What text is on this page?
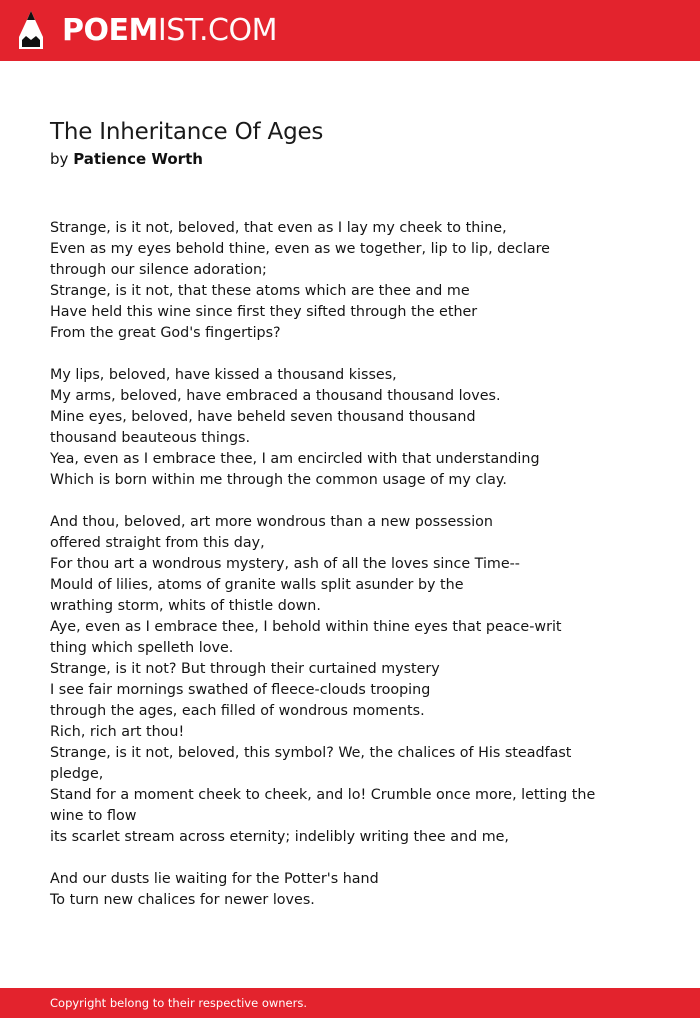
POEMIST.COM
The Inheritance Of Ages
by Patience Worth
Strange, is it not, beloved, that even as I lay my cheek to thine,
Even as my eyes behold thine, even as we together, lip to lip, declare
through our silence adoration;
Strange, is it not, that these atoms which are thee and me
Have held this wine since first they sifted through the ether
From the great God's fingertips?
My lips, beloved, have kissed a thousand kisses,
My arms, beloved, have embraced a thousand thousand loves.
Mine eyes, beloved, have beheld seven thousand thousand
thousand beauteous things.
Yea, even as I embrace thee, I am encircled with that understanding
Which is born within me through the common usage of my clay.
And thou, beloved, art more wondrous than a new possession
offered straight from this day,
For thou art a wondrous mystery, ash of all the loves since Time--
Mould of lilies, atoms of granite walls split asunder by the
wrathing storm, whits of thistle down.
Aye, even as I embrace thee, I behold within thine eyes that peace-writ
thing which spelleth love.
Strange, is it not? But through their curtained mystery
I see fair mornings swathed of fleece-clouds trooping
through the ages, each filled of wondrous moments.
Rich, rich art thou!
Strange, is it not, beloved, this symbol? We, the chalices of His steadfast
pledge,
Stand for a moment cheek to cheek, and lo! Crumble once more, letting the
wine to flow
its scarlet stream across eternity; indelibly writing thee and me,
And our dusts lie waiting for the Potter's hand
To turn new chalices for newer loves.
Copyright belong to their respective owners.
